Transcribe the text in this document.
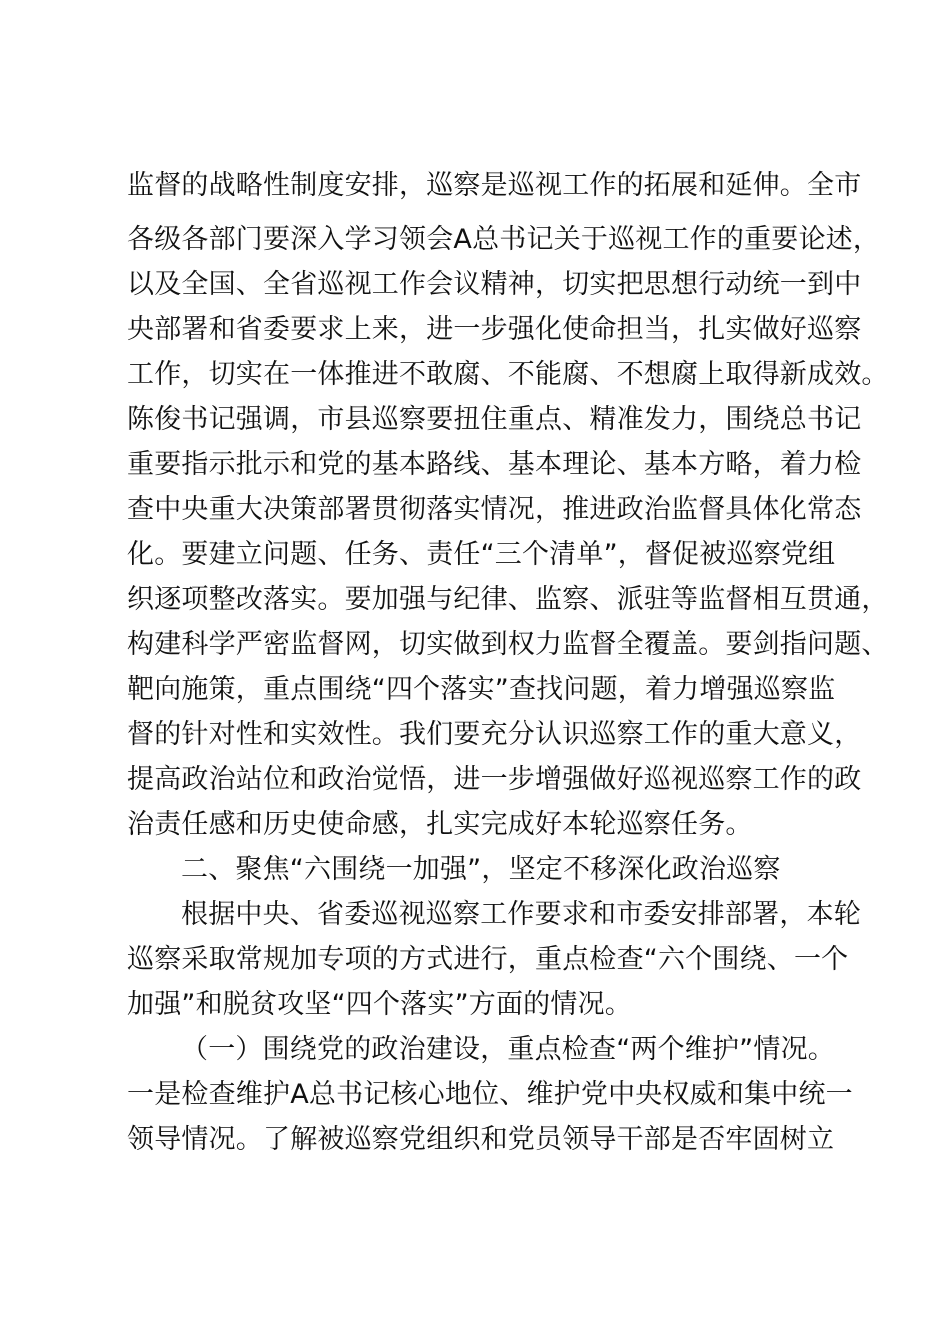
监督的战略性制度安排，巡察是巡视工作的拓展和延伸。全市
各级各部门要深入学习领会A总书记关于巡视工作的重要论述，
以及全国、全省巡视工作会议精神，切实把思想行动统一到中
央部署和省委要求上来，进一步强化使命担当，扎实做好巡察
工作，切实在一体推进不敢腐、不能腐、不想腐上取得新成效。
陈俊书记强调，市县巡察要扭住重点、精准发力，围绕总书记
重要指示批示和党的基本路线、基本理论、基本方略，着力检
查中央重大决策部署贯彻落实情况，推进政治监督具体化常态
化。要建立问题、任务、责任“三个清单”，督促被巡察党组
织逐项整改落实。要加强与纪律、监察、派驻等监督相互贯通，
构建科学严密监督网，切实做到权力监督全覆盖。要剑指问题、
靶向施策，重点围绕“四个落实”查找问题，着力增强巡察监
督的针对性和实效性。我们要充分认识巡察工作的重大意义，
提高政治站位和政治觉悟，进一步增强做好巡视巡察工作的政
治责任感和历史使命感，扎实完成好本轮巡察任务。
二、聚焦“六围绕一加强”，坚定不移深化政治巡察
根据中央、省委巡视巡察工作要求和市委安排部署，本轮
巡察采取常规加专项的方式进行，重点检查“六个围绕、一个
加强”和脱贫攻坚“四个落实”方面的情况。
（一）围绕党的政治建设，重点检查“两个维护”情况。
一是检查维护A总书记核心地位、维护党中央权威和集中统一
领导情况。了解被巡察党组织和党员领导干部是否牢固树立
